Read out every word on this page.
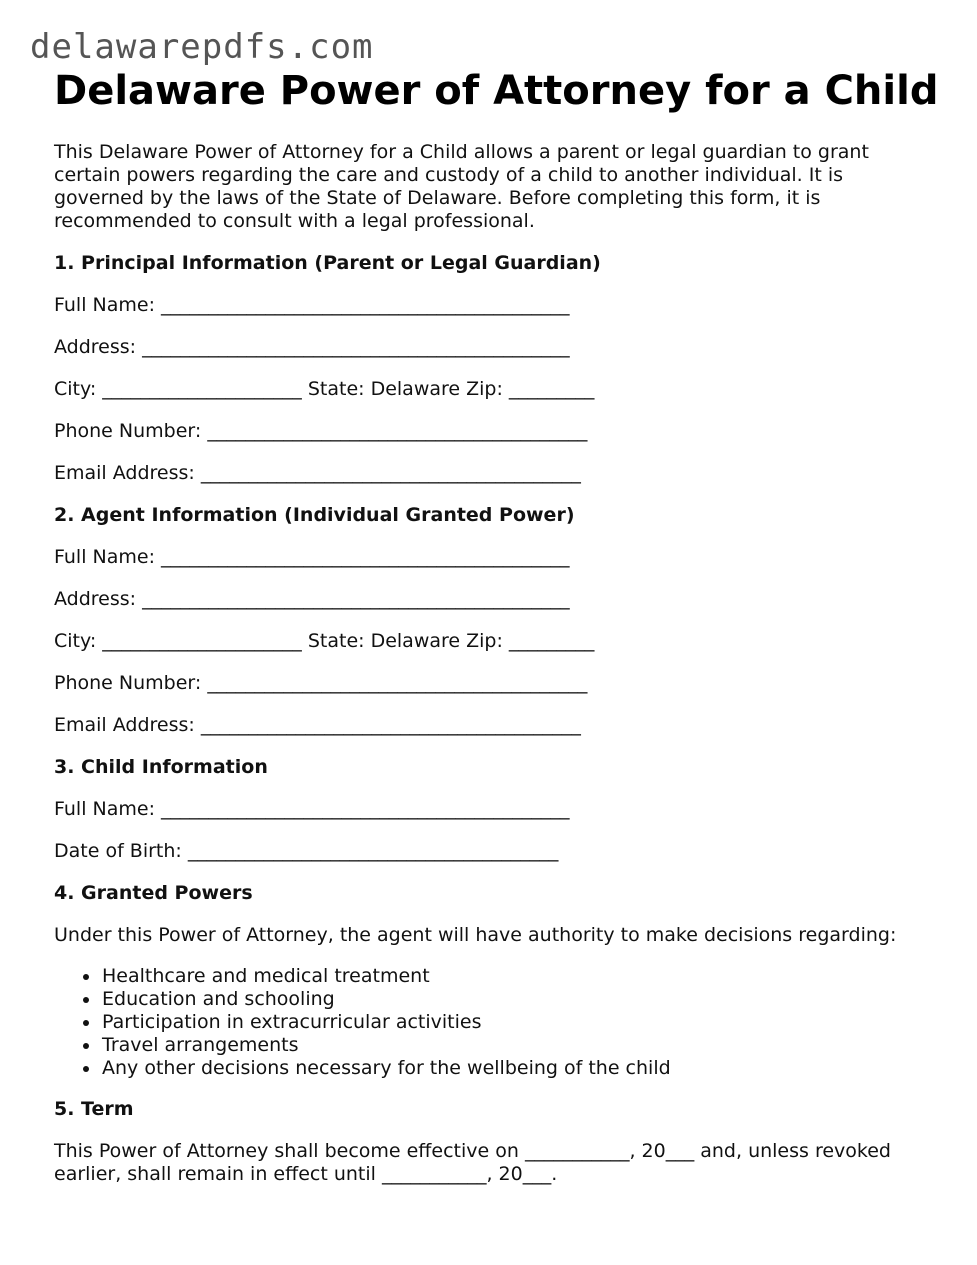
delawarepdfs.com
Delaware Power of Attorney for a Child

This Delaware Power of Attorney for a Child allows a parent or legal guardian to grant certain powers regarding the care and custody of a child to another individual. It is governed by the laws of the State of Delaware. Before completing this form, it is recommended to consult with a legal professional.

1. Principal Information (Parent or Legal Guardian)
Full Name: ___________________________________________
Address: _____________________________________________
City: _____________________ State: Delaware Zip: _________
Phone Number: ________________________________________
Email Address: ________________________________________
2. Agent Information (Individual Granted Power)
Full Name: ___________________________________________
Address: _____________________________________________
City: _____________________ State: Delaware Zip: _________
Phone Number: ________________________________________
Email Address: ________________________________________
3. Child Information
Full Name: ___________________________________________
Date of Birth: _______________________________________
4. Granted Powers
Under this Power of Attorney, the agent will have authority to make decisions regarding:
Healthcare and medical treatment
Education and schooling
Participation in extracurricular activities
Travel arrangements
Any other decisions necessary for the wellbeing of the child
5. Term

This Power of Attorney shall become effective on ___________, 20___ and, unless revoked earlier, shall remain in effect until ___________, 20___.
